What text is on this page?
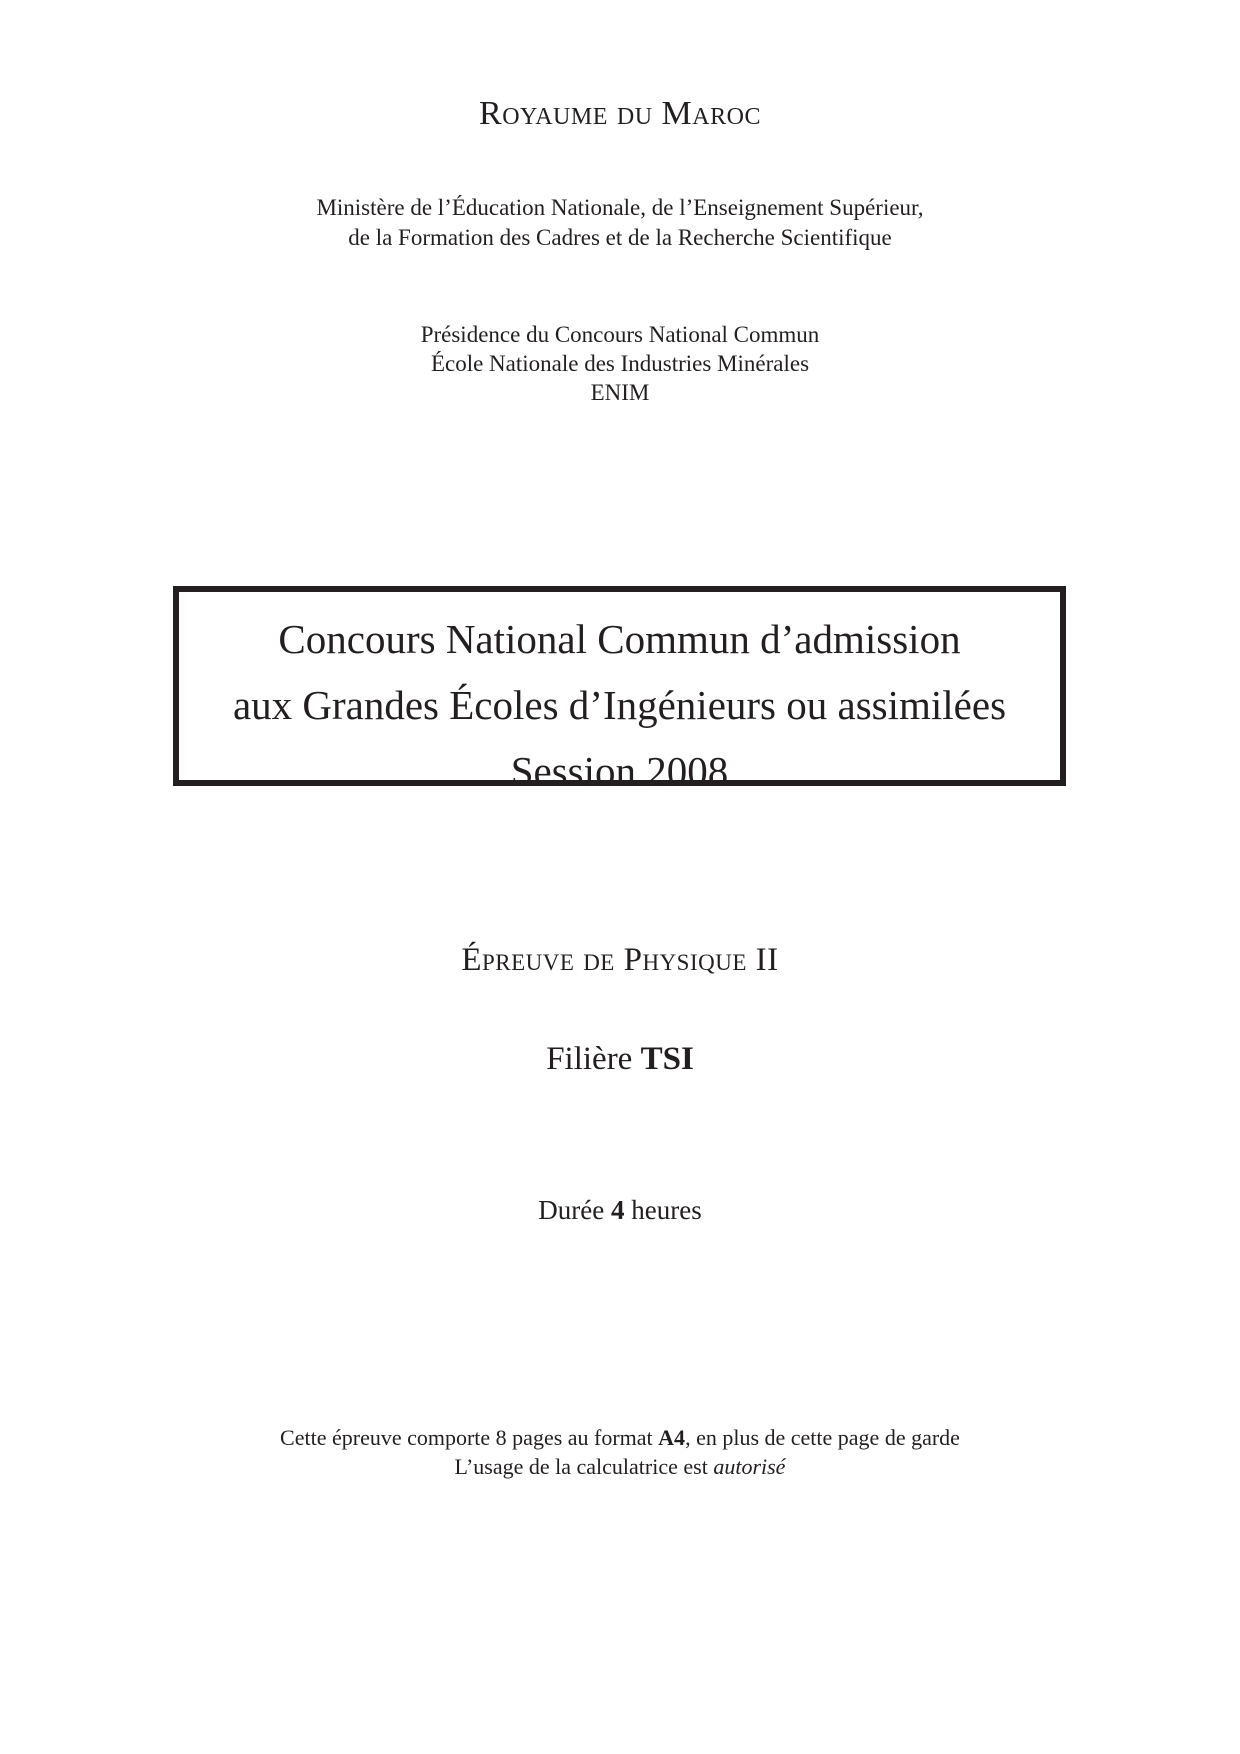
Royaume du Maroc
Ministère de l’Éducation Nationale, de l’Enseignement Supérieur,
de la Formation des Cadres et de la Recherche Scientifique
Présidence du Concours National Commun
École Nationale des Industries Minérales
ENIM
Concours National Commun d’admission
aux Grandes Écoles d’Ingénieurs ou assimilées
Session 2008
Épreuve de Physique II
Filière TSI
Durée 4 heures
Cette épreuve comporte 8 pages au format A4, en plus de cette page de garde
L’usage de la calculatrice est autorisé
